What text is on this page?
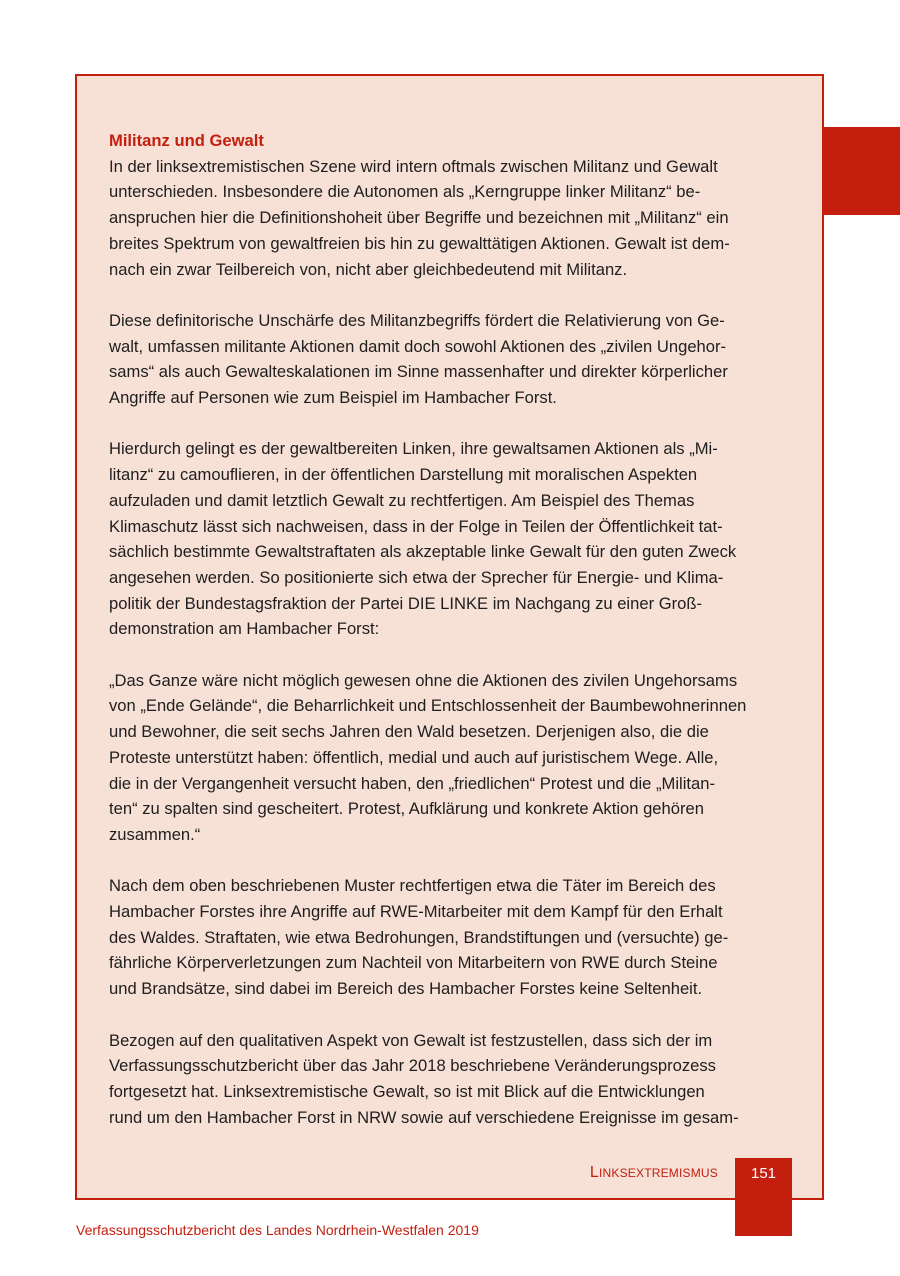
Militanz und Gewalt

In der linksextremistischen Szene wird intern oftmals zwischen Militanz und Gewalt
unterschieden. Insbesondere die Autonomen als „Kerngruppe linker Militanz“ be-
anspruchen hier die Definitionshoheit über Begriffe und bezeichnen mit „Militanz“ ein
breites Spektrum von gewaltfreien bis hin zu gewalttätigen Aktionen. Gewalt ist dem-
nach ein zwar Teilbereich von, nicht aber gleichbedeutend mit Militanz.

Diese definitorische Unschärfe des Militanzbegriffs fördert die Relativierung von Ge-
walt, umfassen militante Aktionen damit doch sowohl Aktionen des „zivilen Ungehor-
sams“ als auch Gewalteskalationen im Sinne massenhafter und direkter körperlicher
Angriffe auf Personen wie zum Beispiel im Hambacher Forst.

Hierdurch gelingt es der gewaltbereiten Linken, ihre gewaltsamen Aktionen als „Mi-
litanz“ zu camouflieren, in der öffentlichen Darstellung mit moralischen Aspekten
aufzuladen und damit letztlich Gewalt zu rechtfertigen. Am Beispiel des Themas
Klimaschutz lässt sich nachweisen, dass in der Folge in Teilen der Öffentlichkeit tat-
sächlich bestimmte Gewaltstraftaten als akzeptable linke Gewalt für den guten Zweck
angesehen werden. So positionierte sich etwa der Sprecher für Energie- und Klima-
politik der Bundestagsfraktion der Partei DIE LINKE im Nachgang zu einer Groß-
demonstration am Hambacher Forst:

„Das Ganze wäre nicht möglich gewesen ohne die Aktionen des zivilen Ungehorsams
von „Ende Gelände“, die Beharrlichkeit und Entschlossenheit der Baumbewohnerinnen
und Bewohner, die seit sechs Jahren den Wald besetzen. Derjenigen also, die die
Proteste unterstützt haben: öffentlich, medial und auch auf juristischem Wege. Alle,
die in der Vergangenheit versucht haben, den „friedlichen“ Protest und die „Militan-
ten“ zu spalten sind gescheitert. Protest, Aufklärung und konkrete Aktion gehören
zusammen.“

Nach dem oben beschriebenen Muster rechtfertigen etwa die Täter im Bereich des
Hambacher Forstes ihre Angriffe auf RWE-Mitarbeiter mit dem Kampf für den Erhalt
des Waldes. Straftaten, wie etwa Bedrohungen, Brandstiftungen und (versuchte) ge-
fährliche Körperverletzungen zum Nachteil von Mitarbeitern von RWE durch Steine
und Brandsätze, sind dabei im Bereich des Hambacher Forstes keine Seltenheit.

Bezogen auf den qualitativen Aspekt von Gewalt ist festzustellen, dass sich der im
Verfassungsschutzbericht über das Jahr 2018 beschriebene Veränderungsprozess
fortgesetzt hat. Linksextremistische Gewalt, so ist mit Blick auf die Entwicklungen
rund um den Hambacher Forst in NRW sowie auf verschiedene Ereignisse im gesam-

LINKSEXTREMISMUS	151
Verfassungsschutzbericht des Landes Nordrhein-Westfalen 2019
